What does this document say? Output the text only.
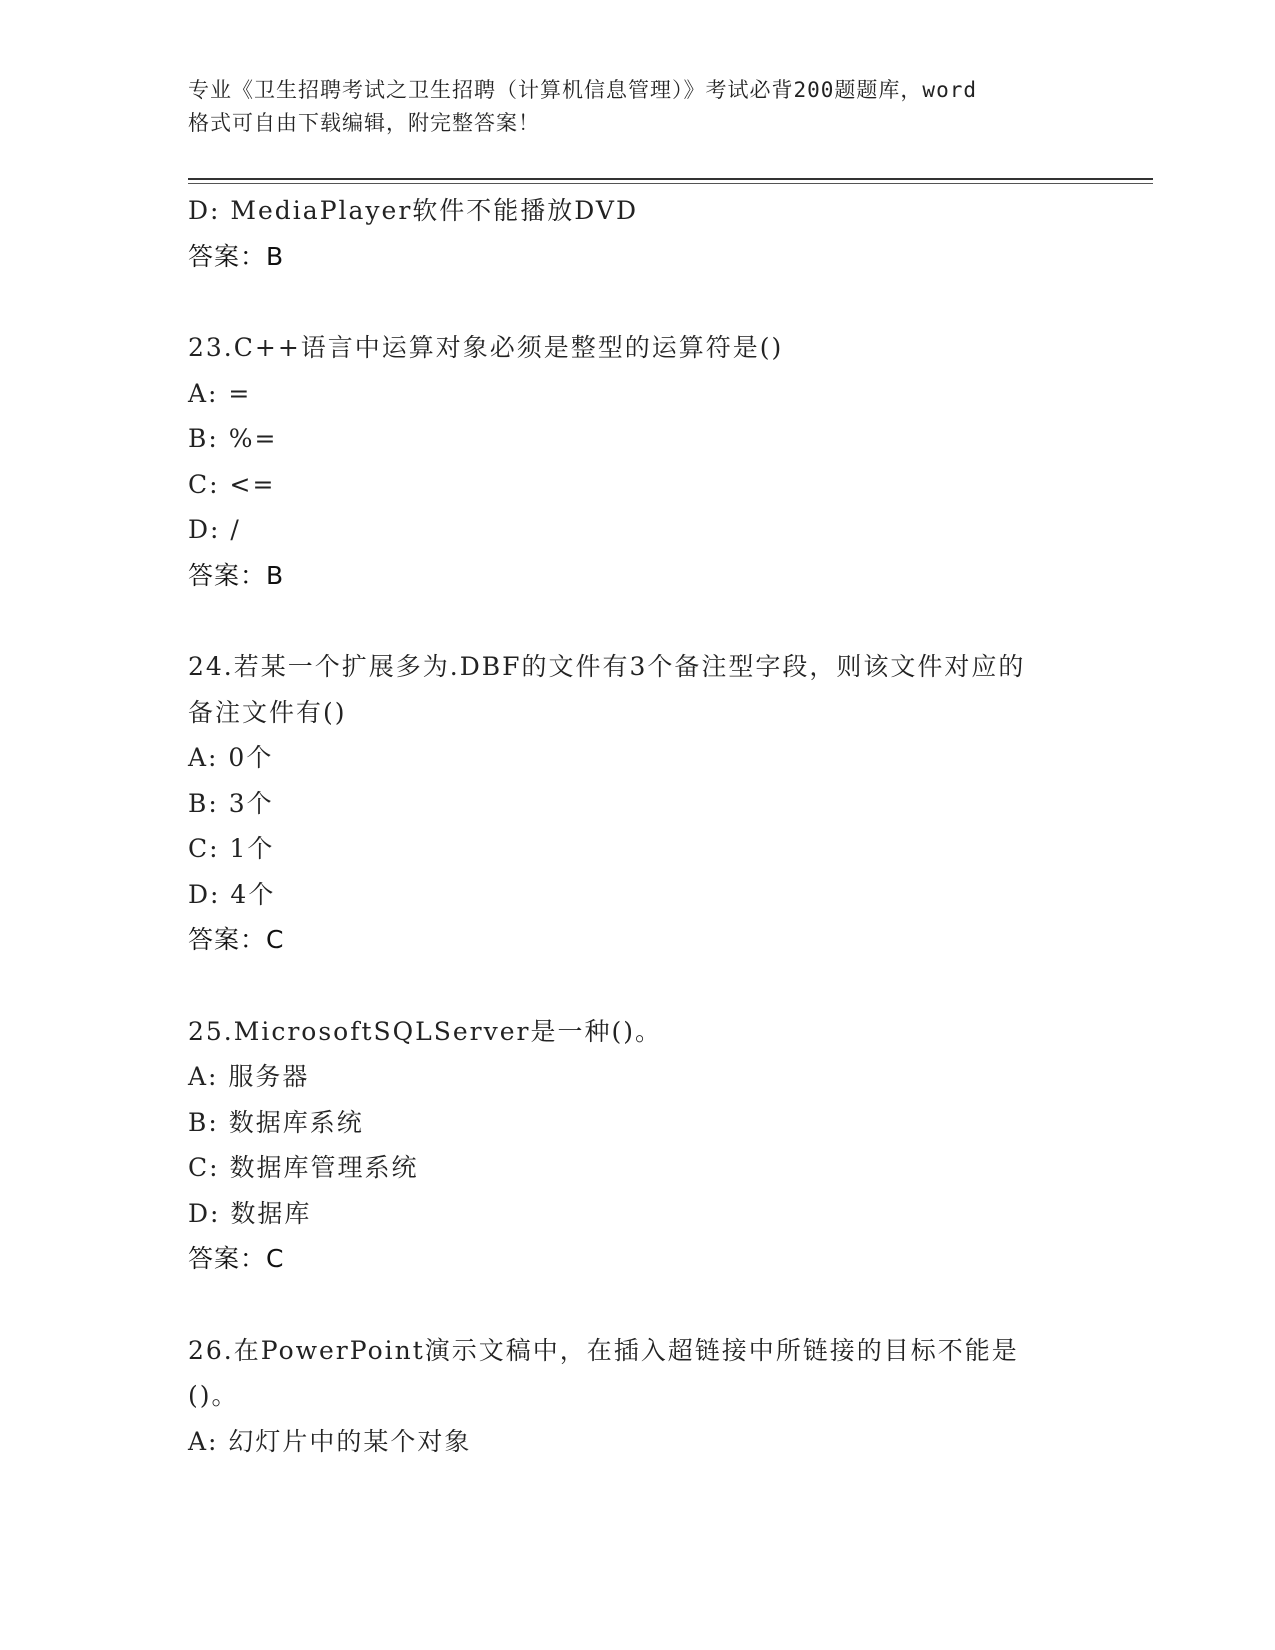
专业《卫生招聘考试之卫生招聘（计算机信息管理）》考试必背200题题库，word
格式可自由下载编辑，附完整答案！
D: MediaPlayer软件不能播放DVD
答案：B
23.C++语言中运算对象必须是整型的运算符是()
A: =
B: %=
C: <=
D: /
答案：B
24.若某一个扩展多为.DBF的文件有3个备注型字段，则该文件对应的
备注文件有()
A: 0个
B: 3个
C: 1个
D: 4个
答案：C
25.MicrosoftSQLServer是一种()。
A: 服务器
B: 数据库系统
C: 数据库管理系统
D: 数据库
答案：C
26.在PowerPoint演示文稿中，在插入超链接中所链接的目标不能是
()。
A: 幻灯片中的某个对象
